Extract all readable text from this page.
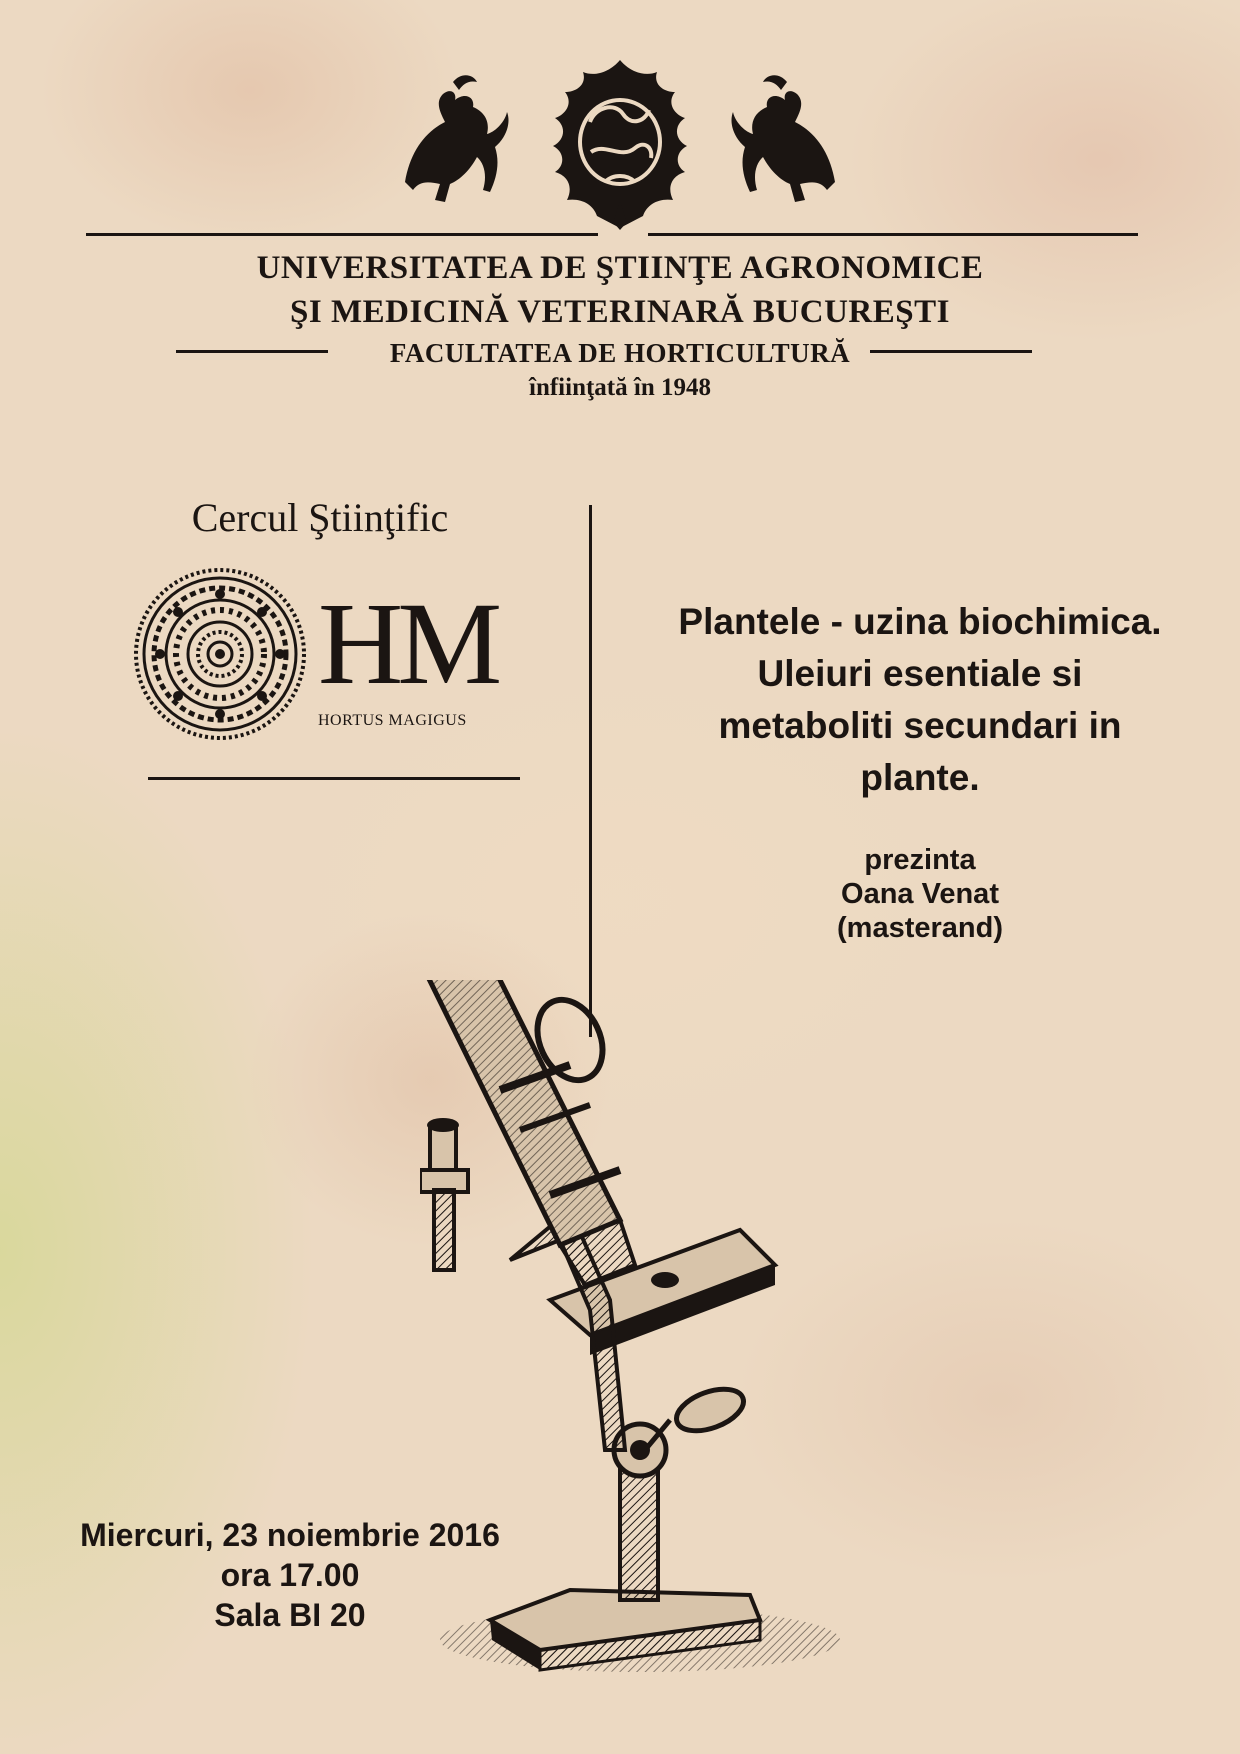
UNIVERSITATEA DE ŞTIINŢE AGRONOMICE
ŞI MEDICINĂ VETERINARĂ BUCUREŞTI
FACULTATEA DE HORTICULTURĂ
înfiinţată în 1948
Cercul Ştiinţific
HM
HORTUS MAGIGUS
Plantele - uzina biochimica.
Uleiuri esentiale si
metaboliti secundari in
plante.
prezinta
Oana Venat
(masterand)
Miercuri, 23 noiembrie 2016
ora 17.00
Sala BI 20
